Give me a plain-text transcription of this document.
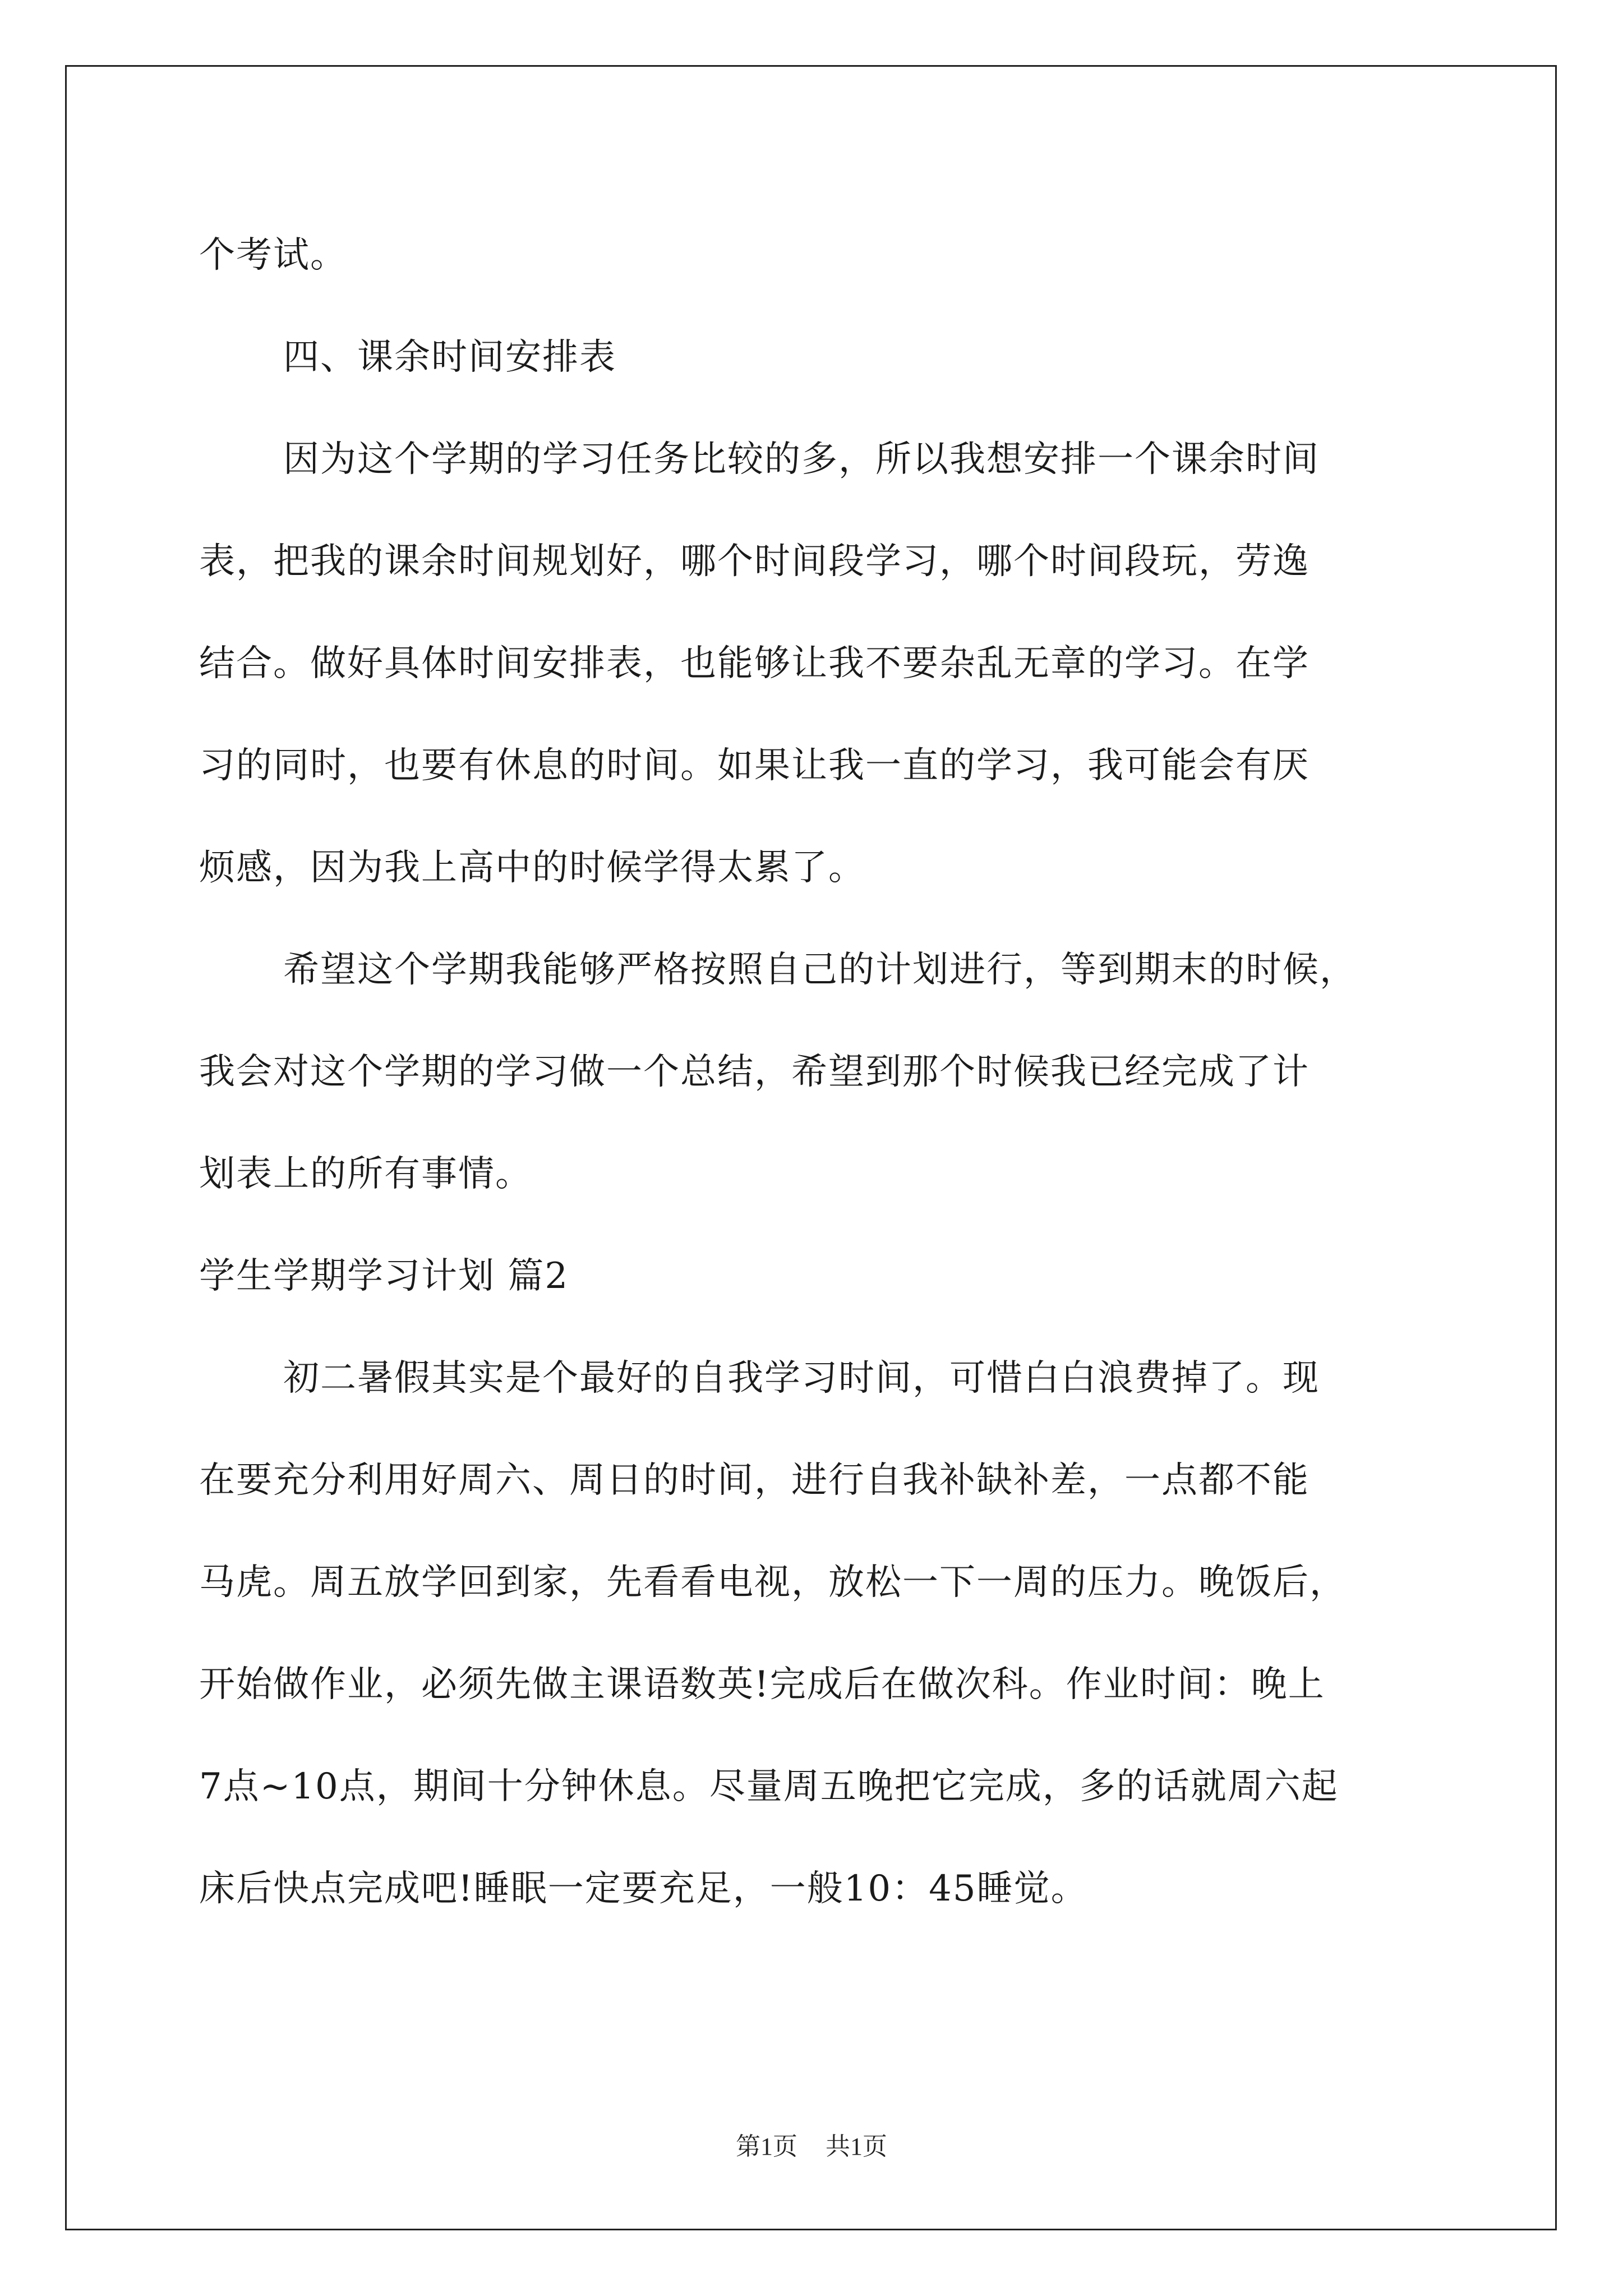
个考试。
四、课余时间安排表
因为这个学期的学习任务比较的多，所以我想安排一个课余时间
表，把我的课余时间规划好，哪个时间段学习，哪个时间段玩，劳逸
结合。做好具体时间安排表，也能够让我不要杂乱无章的学习。在学
习的同时，也要有休息的时间。如果让我一直的学习，我可能会有厌
烦感，因为我上高中的时候学得太累了。
希望这个学期我能够严格按照自己的计划进行，等到期末的时候，
我会对这个学期的学习做一个总结，希望到那个时候我已经完成了计
划表上的所有事情。
学生学期学习计划 篇2
初二暑假其实是个最好的自我学习时间，可惜白白浪费掉了。现
在要充分利用好周六、周日的时间，进行自我补缺补差，一点都不能
马虎。周五放学回到家，先看看电视，放松一下一周的压力。晚饭后，
开始做作业，必须先做主课语数英!完成后在做次科。作业时间：晚上
7点~10点，期间十分钟休息。尽量周五晚把它完成，多的话就周六起
床后快点完成吧!睡眠一定要充足，一般10：45睡觉。
第1页 共1页
